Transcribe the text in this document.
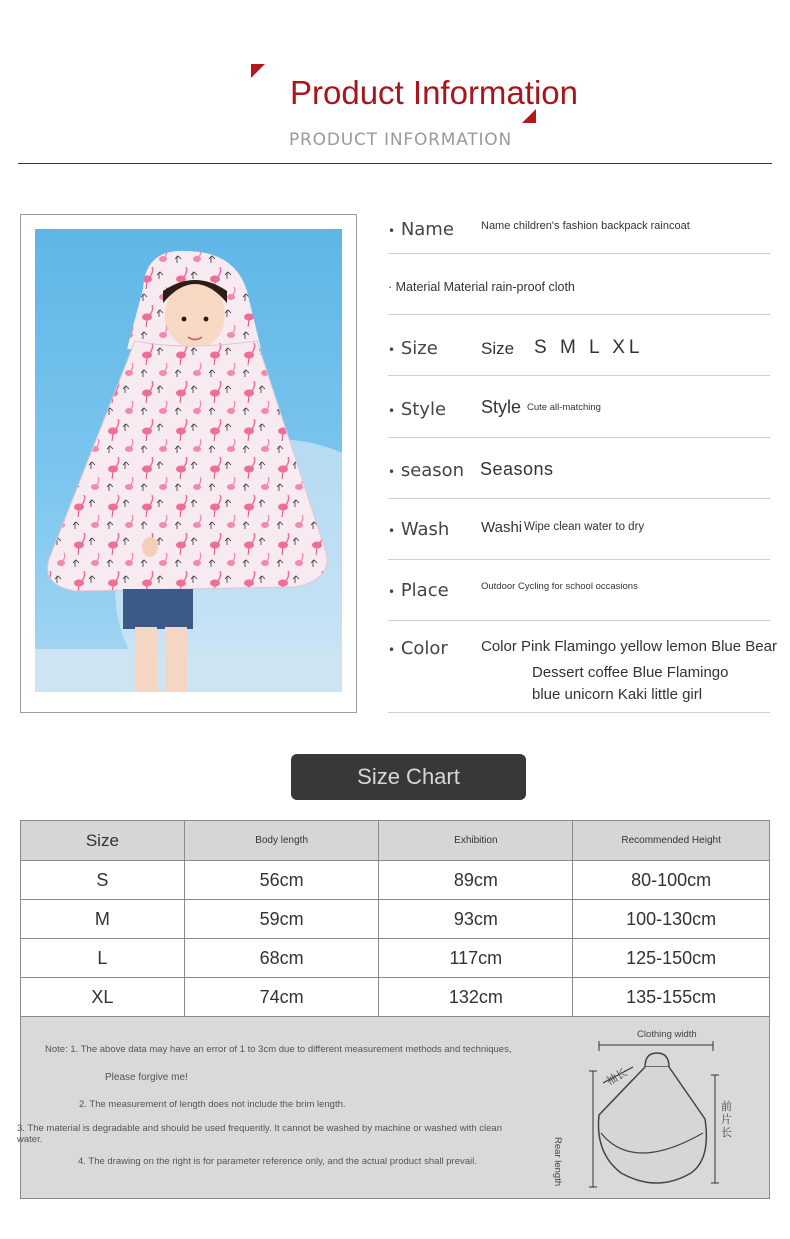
Product Information
PRODUCT INFORMATION
• Name Name children's fashion backpack raincoat
· Material Material rain-proof cloth
• Size	Size S M L XL
• Style Style Cute all-matching
• season Seasons
• Wash Washi Wipe clean water to dry
• Place	Outdoor Cycling for school occasions
• Color Color Pink Flamingo yellow lemon Blue Bear
Dessert coffee Blue Flamingo
blue unicorn Kaki little girl
Size Chart
Size	Body length	Exhibition	Recommended Height
S	56cm	89cm	80-100cm
M	59cm	93cm	100-130cm
L	68cm	117cm	125-150cm
XL	74cm	132cm	135-155cm
Note: 1. The above data may have an error of 1 to 3cm due to different measurement methods and techniques,
Please forgive me!
2. The measurement of length does not include the brim length.
3. The material is degradable and should be used frequently. It cannot be washed by machine or washed with clean water.
4. The drawing on the right is for parameter reference only, and the actual product shall prevail.
Clothing width
Rear length
袖长
前片长
